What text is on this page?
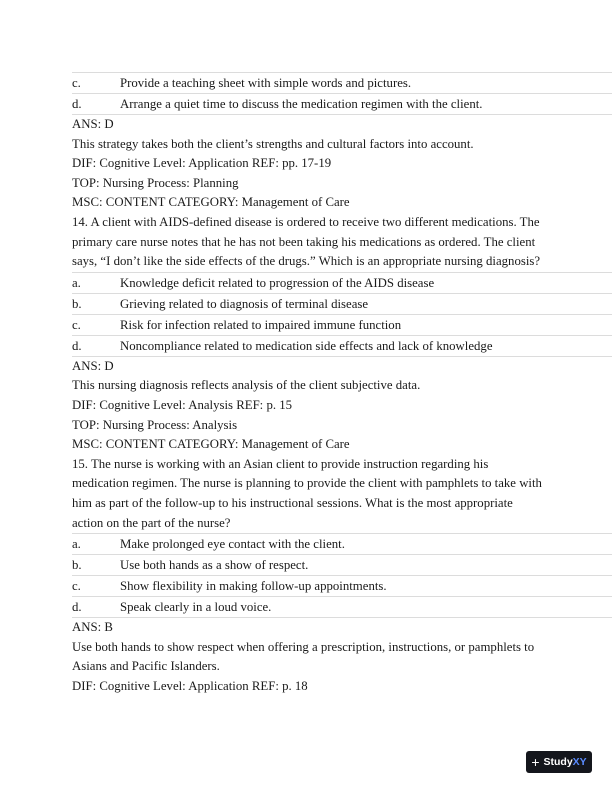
c.	Provide a teaching sheet with simple words and pictures.
d.	Arrange a quiet time to discuss the medication regimen with the client.
ANS: D
This strategy takes both the client’s strengths and cultural factors into account.
DIF: Cognitive Level: Application REF: pp. 17-19
TOP: Nursing Process: Planning
MSC: CONTENT CATEGORY: Management of Care
14. A client with AIDS-defined disease is ordered to receive two different medications. The primary care nurse notes that he has not been taking his medications as ordered. The client says, “I don’t like the side effects of the drugs.” Which is an appropriate nursing diagnosis?
a.	Knowledge deficit related to progression of the AIDS disease
b.	Grieving related to diagnosis of terminal disease
c.	Risk for infection related to impaired immune function
d.	Noncompliance related to medication side effects and lack of knowledge
ANS: D
This nursing diagnosis reflects analysis of the client subjective data.
DIF: Cognitive Level: Analysis REF: p. 15
TOP: Nursing Process: Analysis
MSC: CONTENT CATEGORY: Management of Care
15. The nurse is working with an Asian client to provide instruction regarding his medication regimen. The nurse is planning to provide the client with pamphlets to take with him as part of the follow-up to his instructional sessions. What is the most appropriate action on the part of the nurse?
a.	Make prolonged eye contact with the client.
b.	Use both hands as a show of respect.
c.	Show flexibility in making follow-up appointments.
d.	Speak clearly in a loud voice.
ANS: B
Use both hands to show respect when offering a prescription, instructions, or pamphlets to Asians and Pacific Islanders.
DIF: Cognitive Level: Application REF: p. 18
+ StudyXY
